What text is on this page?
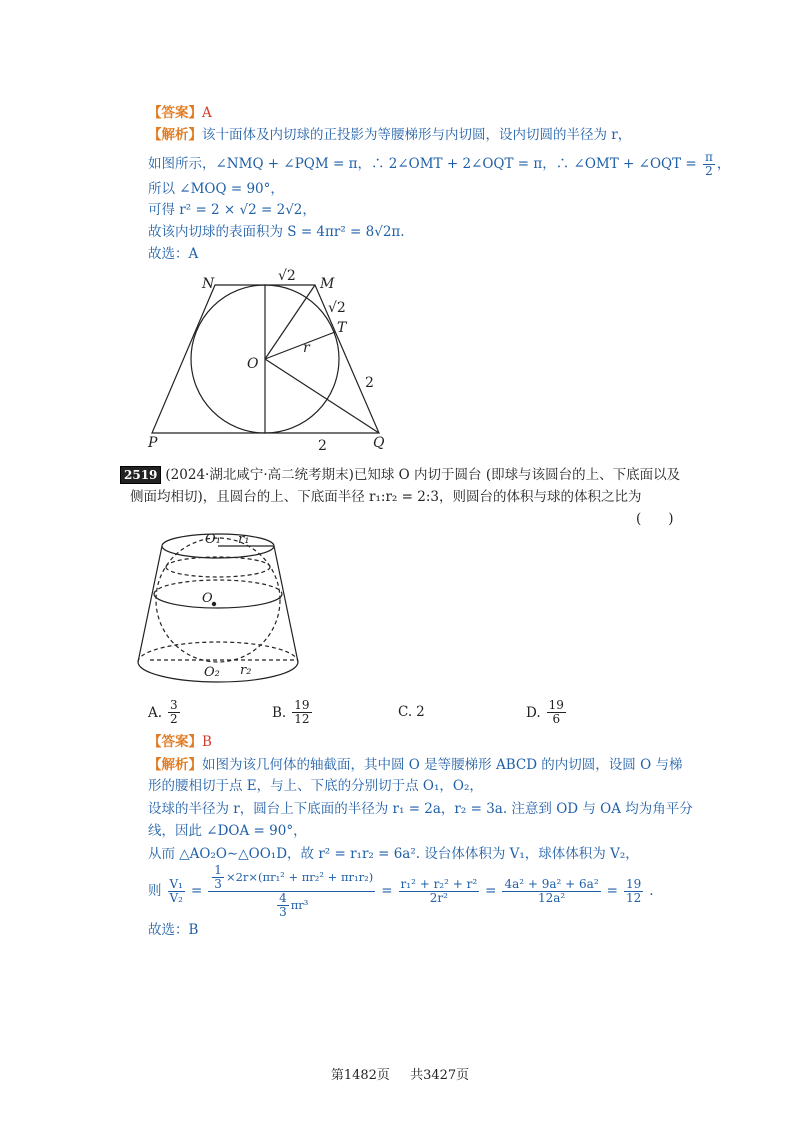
【答案】A
【解析】该十面体及内切球的正投影为等腰梯形与内切圆，设内切圆的半径为 r，
如图所示，∠NMQ + ∠PQM = π，∴ 2∠OMT + 2∠OQT = π，∴ ∠OMT + ∠OQT = $\frac{\pi}{2}$ ，
所以 ∠MOQ = 90°，
可得 r² = 2 × √2 = 2√2，
故该内切球的表面积为 S = 4πr² = 8√2π.
故选：A
N	M
T
O
r
P	Q
√2
√2
2
2
2519 (2024·湖北咸宁·高二统考期末)已知球 O 内切于圆台 (即球与该圆台的上、下底面以及
侧面均相切)，且圆台的上、下底面半径 r₁:r₂ = 2:3，则圆台的体积与球的体积之比为
(　　)
O₁ r₁
O
O₂ r₂
A. $\frac{3}{2}$	B. $\frac{19}{12}$	C. 2	D. $\frac{19}{6}$
【答案】B
【解析】如图为该几何体的轴截面，其中圆 O 是等腰梯形 ABCD 的内切圆，设圆 O 与梯
形的腰相切于点 E，与上、下底的分别切于点 O₁，O₂，
设球的半径为 r，圆台上下底面的半径为 r₁ = 2a，r₂ = 3a. 注意到 OD 与 OA 均为角平分
线，因此 ∠DOA = 90°，
从而 △AO₂O∼△OO₁D，故 r² = r₁r₂ = 6a². 设台体体积为 V₁，球体体积为 V₂，
则 $\frac{\text{V₁}}{\text{V₂}} = \frac{\frac{1}{3} \times 2r\times(\pi r_1^2 + \pi r_2^2 + \pi r_1r_2)}{\frac{4}{3} \pi r^3} = \frac{\text{r₁² + r₂² + r²}}{\text{2r²}} = \frac{\text{4a² + 9a² + 6a²}}{\text{12a²}} = \frac{19}{12}$ .
故选：B
第1482页 共3427页
